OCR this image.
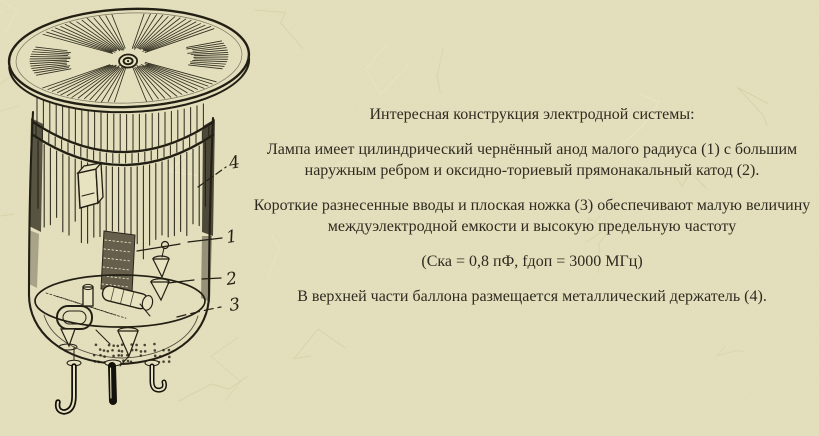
4
1
2
3

Интересная конструкция электродной системы:

Лампа имеет цилиндрический чернённый анод малого радиуса (1) с большим
наружным ребром и оксидно-ториевый прямонакальный катод (2).

Короткие разнесенные вводы и плоская ножка (3) обеспечивают малую величину
междуэлектродной емкости и высокую предельную частоту

(Ска = 0,8 пФ, fдоп = 3000 МГц)

В верхней части баллона размещается металлический держатель (4).
